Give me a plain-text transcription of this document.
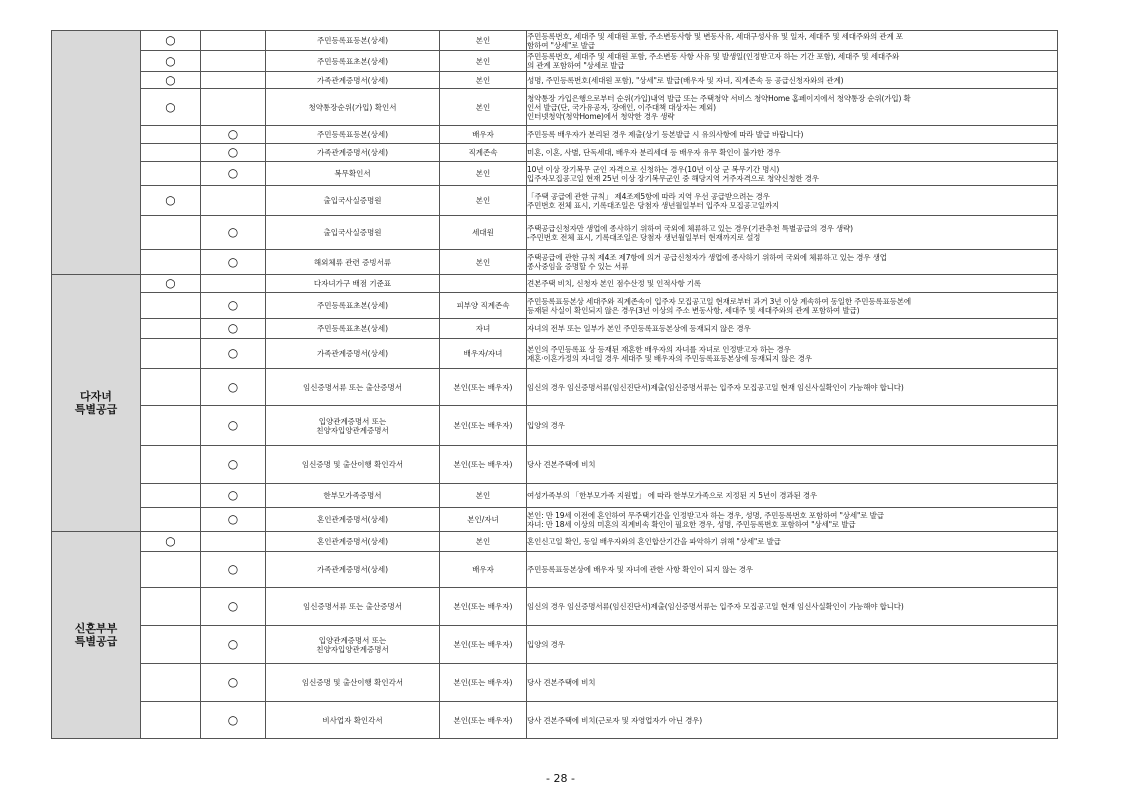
	○		주민등록표등본(상세)	본인	주민등록번호, 세대주 및 세대원 포함, 주소변동사항 및 변동사유, 세대구성사유 및 일자, 세대주 및 세대주와의 관계 포
함하여 "상세"로 발급
	○		주민등록표초본(상세)	본인	주민등록번호, 세대주 및 세대원 포함, 주소변동 사항 사유 및 발생일(인정받고자 하는 기간 포함), 세대주 및 세대주와
의 관계 포함하여 "상세로 발급
	○		가족관계증명서(상세)	본인	성명, 주민등록번호(세대원 포함), "상세"로 발급(배우자 및 자녀, 직계존속 등 공급신청자와의 관계)
	○		청약통장순위(가입) 확인서	본인	청약통장 가입은행으로부터 순위(가입)내역 발급 또는 주택청약 서비스 청약Home 홈페이지에서 청약통장 순위(가입) 확
인서 발급(단, 국가유공자, 장애인, 이주대책 대상자는 제외)
인터넷청약(청약Home)에서 청약한 경우 생략
		○	주민등록표등본(상세)	배우자	주민등록 배우자가 분리된 경우 제출(상기 등본발급 시 유의사항에 따라 발급 바랍니다)
		○	가족관계증명서(상세)	직계존속	미혼, 이혼, 사별, 단독세대, 배우자 분리세대 등 배우자 유무 확인이 불가한 경우
		○	복무확인서	본인	10년 이상 장기복무 군인 자격으로 신청하는 경우(10년 이상 군 복무기간 명시)
입주자모집공고일 현재 25년 이상 장기복무군인 중 해당지역 거주자격으로 청약신청한 경우
	○		출입국사실증명원	본인	「주택 공급에 관한 규칙」 제4조제5항에 따라 지역 우선 공급받으려는 경우
주민번호 전체 표시, 기록대조일은 당첨자 생년월일부터 입주자 모집공고일까지
		○	출입국사실증명원	세대원	주택공급신청자만 생업에 종사하기 위하여 국외에 체류하고 있는 경우(기관추천 특별공급의 경우 생략)
-주민번호 전체 표시, 기록대조일은 당첨자 생년월일부터 현재까지로 설정
		○	해외체류 관련 증빙서류	본인	주택공급에 관한 규칙 제4조 제7항에 의거 공급신청자가 생업에 종사하기 위하여 국외에 체류하고 있는 경우 생업
종사중임을 증명할 수 있는 서류
다자녀
특별공급	○		다자녀가구 배점 기준표		견본주택 비치, 신청자 본인 점수산정 및 인적사항 기록
		○	주민등록표초본(상세)	피부양 직계존속	주민등록표등본상 세대주와 직계존속이 입주자 모집공고일 현재로부터 과거 3년 이상 계속하여 동일한 주민등록표등본에
등재된 사실이 확인되지 않은 경우(3년 이상의 주소 변동사항, 세대주 및 세대주와의 관계 포함하여 발급)
		○	주민등록표초본(상세)	자녀	자녀의 전부 또는 일부가 본인 주민등록표등본상에 등재되지 않은 경우
		○	가족관계증명서(상세)	배우자/자녀	본인의 주민등록표 상 등재된 재혼한 배우자의 자녀를 자녀로 인정받고자 하는 경우
재혼·이혼가정의 자녀일 경우 세대주 및 배우자의 주민등록표등본상에 등재되지 않은 경우
		○	임신증명서류 또는 출산증명서	본인(또는 배우자)	임신의 경우 임신증명서류(임신진단서)제출(임신증명서류는 입주자 모집공고일 현재 임신사실확인이 가능해야 합니다)
		○	입양관계증명서 또는
친양자입양관계증명서	본인(또는 배우자)	입양의 경우
		○	임신증명 및 출산이행 확인각서	본인(또는 배우자)	당사 견본주택에 비치
		○	한부모가족증명서	본인	여성가족부의 「한부모가족 지원법」 에 따라 한부모가족으로 지정된 지 5년이 경과된 경우
		○	혼인관계증명서(상세)	본인/자녀	본인: 만 19세 이전에 혼인하여 무주택기간을 인정받고자 하는 경우, 성명, 주민등록번호 포함하여 "상세"로 발급
자녀: 만 18세 이상의 미혼의 직계비속 확인이 필요한 경우, 성명, 주민등록번호 포함하여 "상세"로 발급
신혼부부
특별공급	○		혼인관계증명서(상세)	본인	혼인신고일 확인, 동일 배우자와의 혼인합산기간을 파악하기 위해 "상세"로 발급
		○	가족관계증명서(상세)	배우자	주민등록표등본상에 배우자 및 자녀에 관한 사항 확인이 되지 않는 경우
		○	임신증명서류 또는 출산증명서	본인(또는 배우자)	임신의 경우 임신증명서류(임신진단서)제출(임신증명서류는 입주자 모집공고일 현재 임신사실확인이 가능해야 합니다)
		○	입양관계증명서 또는
친양자입양관계증명서	본인(또는 배우자)	입양의 경우
		○	임신증명 및 출산이행 확인각서	본인(또는 배우자)	당사 견본주택에 비치
		○	비사업자 확인각서	본인(또는 배우자)	당사 견본주택에 비치(근로자 및 자영업자가 아닌 경우)
- 28 -
